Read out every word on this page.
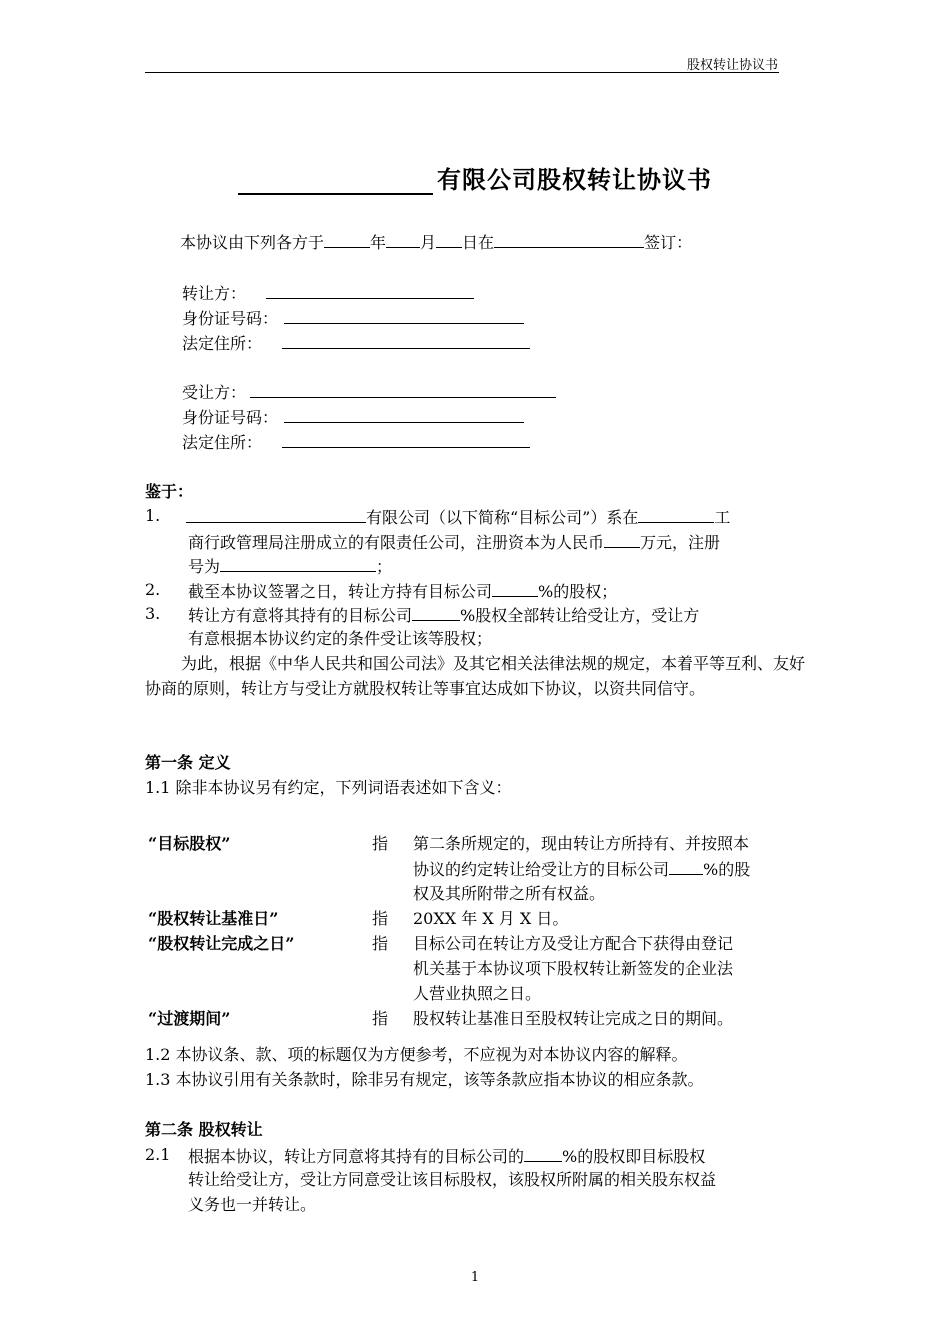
股权转让协议书
有限公司股权转让协议书
本协议由下列各方于	年 月 日在	签订：
转让方：
身份证号码：
法定住所：
受让方：
身份证号码：
法定住所：
鉴于：
1.	有限公司（以下简称“目标公司”）系在	工
商行政管理局注册成立的有限责任公司，注册资本为人民币 万元，注册
号为	；
2. 截至本协议签署之日，转让方持有目标公司	%的股权；
3. 转让方有意将其持有的目标公司	%股权全部转让给受让方，受让方
有意根据本协议约定的条件受让该等股权；
为此，根据《中华人民共和国公司法》及其它相关法律法规的规定，本着平等互利、友好协商的原则，转让方与受让方就股权转让等事宜达成如下协议，以资共同信守。
第一条 定义
1.1 除非本协议另有约定，下列词语表述如下含义：
“目标股权”	指 第二条所规定的，现由转让方所持有、并按照本
协议的约定转让给受让方的目标公司 %的股
权及其所附带之所有权益。
“股权转让基准日”	指 20XX 年 X 月 X 日。
“股权转让完成之日”	指 目标公司在转让方及受让方配合下获得由登记
机关基于本协议项下股权转让新签发的企业法
人营业执照之日。
“过渡期间”	指 股权转让基准日至股权转让完成之日的期间。
1.2 本协议条、款、项的标题仅为方便参考，不应视为对本协议内容的解释。
1.3 本协议引用有关条款时，除非另有规定，该等条款应指本协议的相应条款。
第二条 股权转让
2.1 根据本协议，转让方同意将其持有的目标公司的 %的股权即目标股权
转让给受让方，受让方同意受让该目标股权，该股权所附属的相关股东权益
义务也一并转让。
1
